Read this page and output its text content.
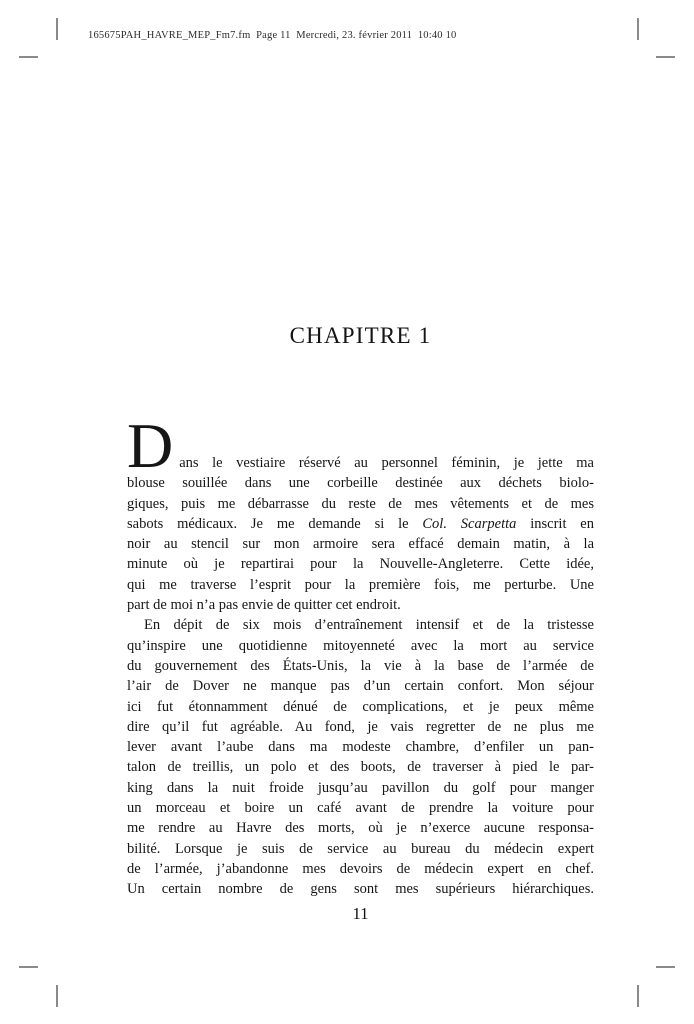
165675PAH_HAVRE_MEP_Fm7.fm  Page 11  Mercredi, 23. février 2011  10:40 10
CHAPITRE 1
Dans le vestiaire réservé au personnel féminin, je jette ma
blouse souillée dans une corbeille destinée aux déchets biolo-
giques, puis me débarrasse du reste de mes vêtements et de mes
sabots médicaux. Je me demande si le Col. Scarpetta inscrit en
noir au stencil sur mon armoire sera effacé demain matin, à la
minute où je repartirai pour la Nouvelle-Angleterre. Cette idée,
qui me traverse l’esprit pour la première fois, me perturbe. Une
part de moi n’a pas envie de quitter cet endroit.
En dépit de six mois d’entraînement intensif et de la tristesse
qu’inspire une quotidienne mitoyenneté avec la mort au service
du gouvernement des États-Unis, la vie à la base de l’armée de
l’air de Dover ne manque pas d’un certain confort. Mon séjour
ici fut étonnamment dénué de complications, et je peux même
dire qu’il fut agréable. Au fond, je vais regretter de ne plus me
lever avant l’aube dans ma modeste chambre, d’enfiler un pan-
talon de treillis, un polo et des boots, de traverser à pied le par-
king dans la nuit froide jusqu’au pavillon du golf pour manger
un morceau et boire un café avant de prendre la voiture pour
me rendre au Havre des morts, où je n’exerce aucune responsa-
bilité. Lorsque je suis de service au bureau du médecin expert
de l’armée, j’abandonne mes devoirs de médecin expert en chef.
Un certain nombre de gens sont mes supérieurs hiérarchiques.
11
